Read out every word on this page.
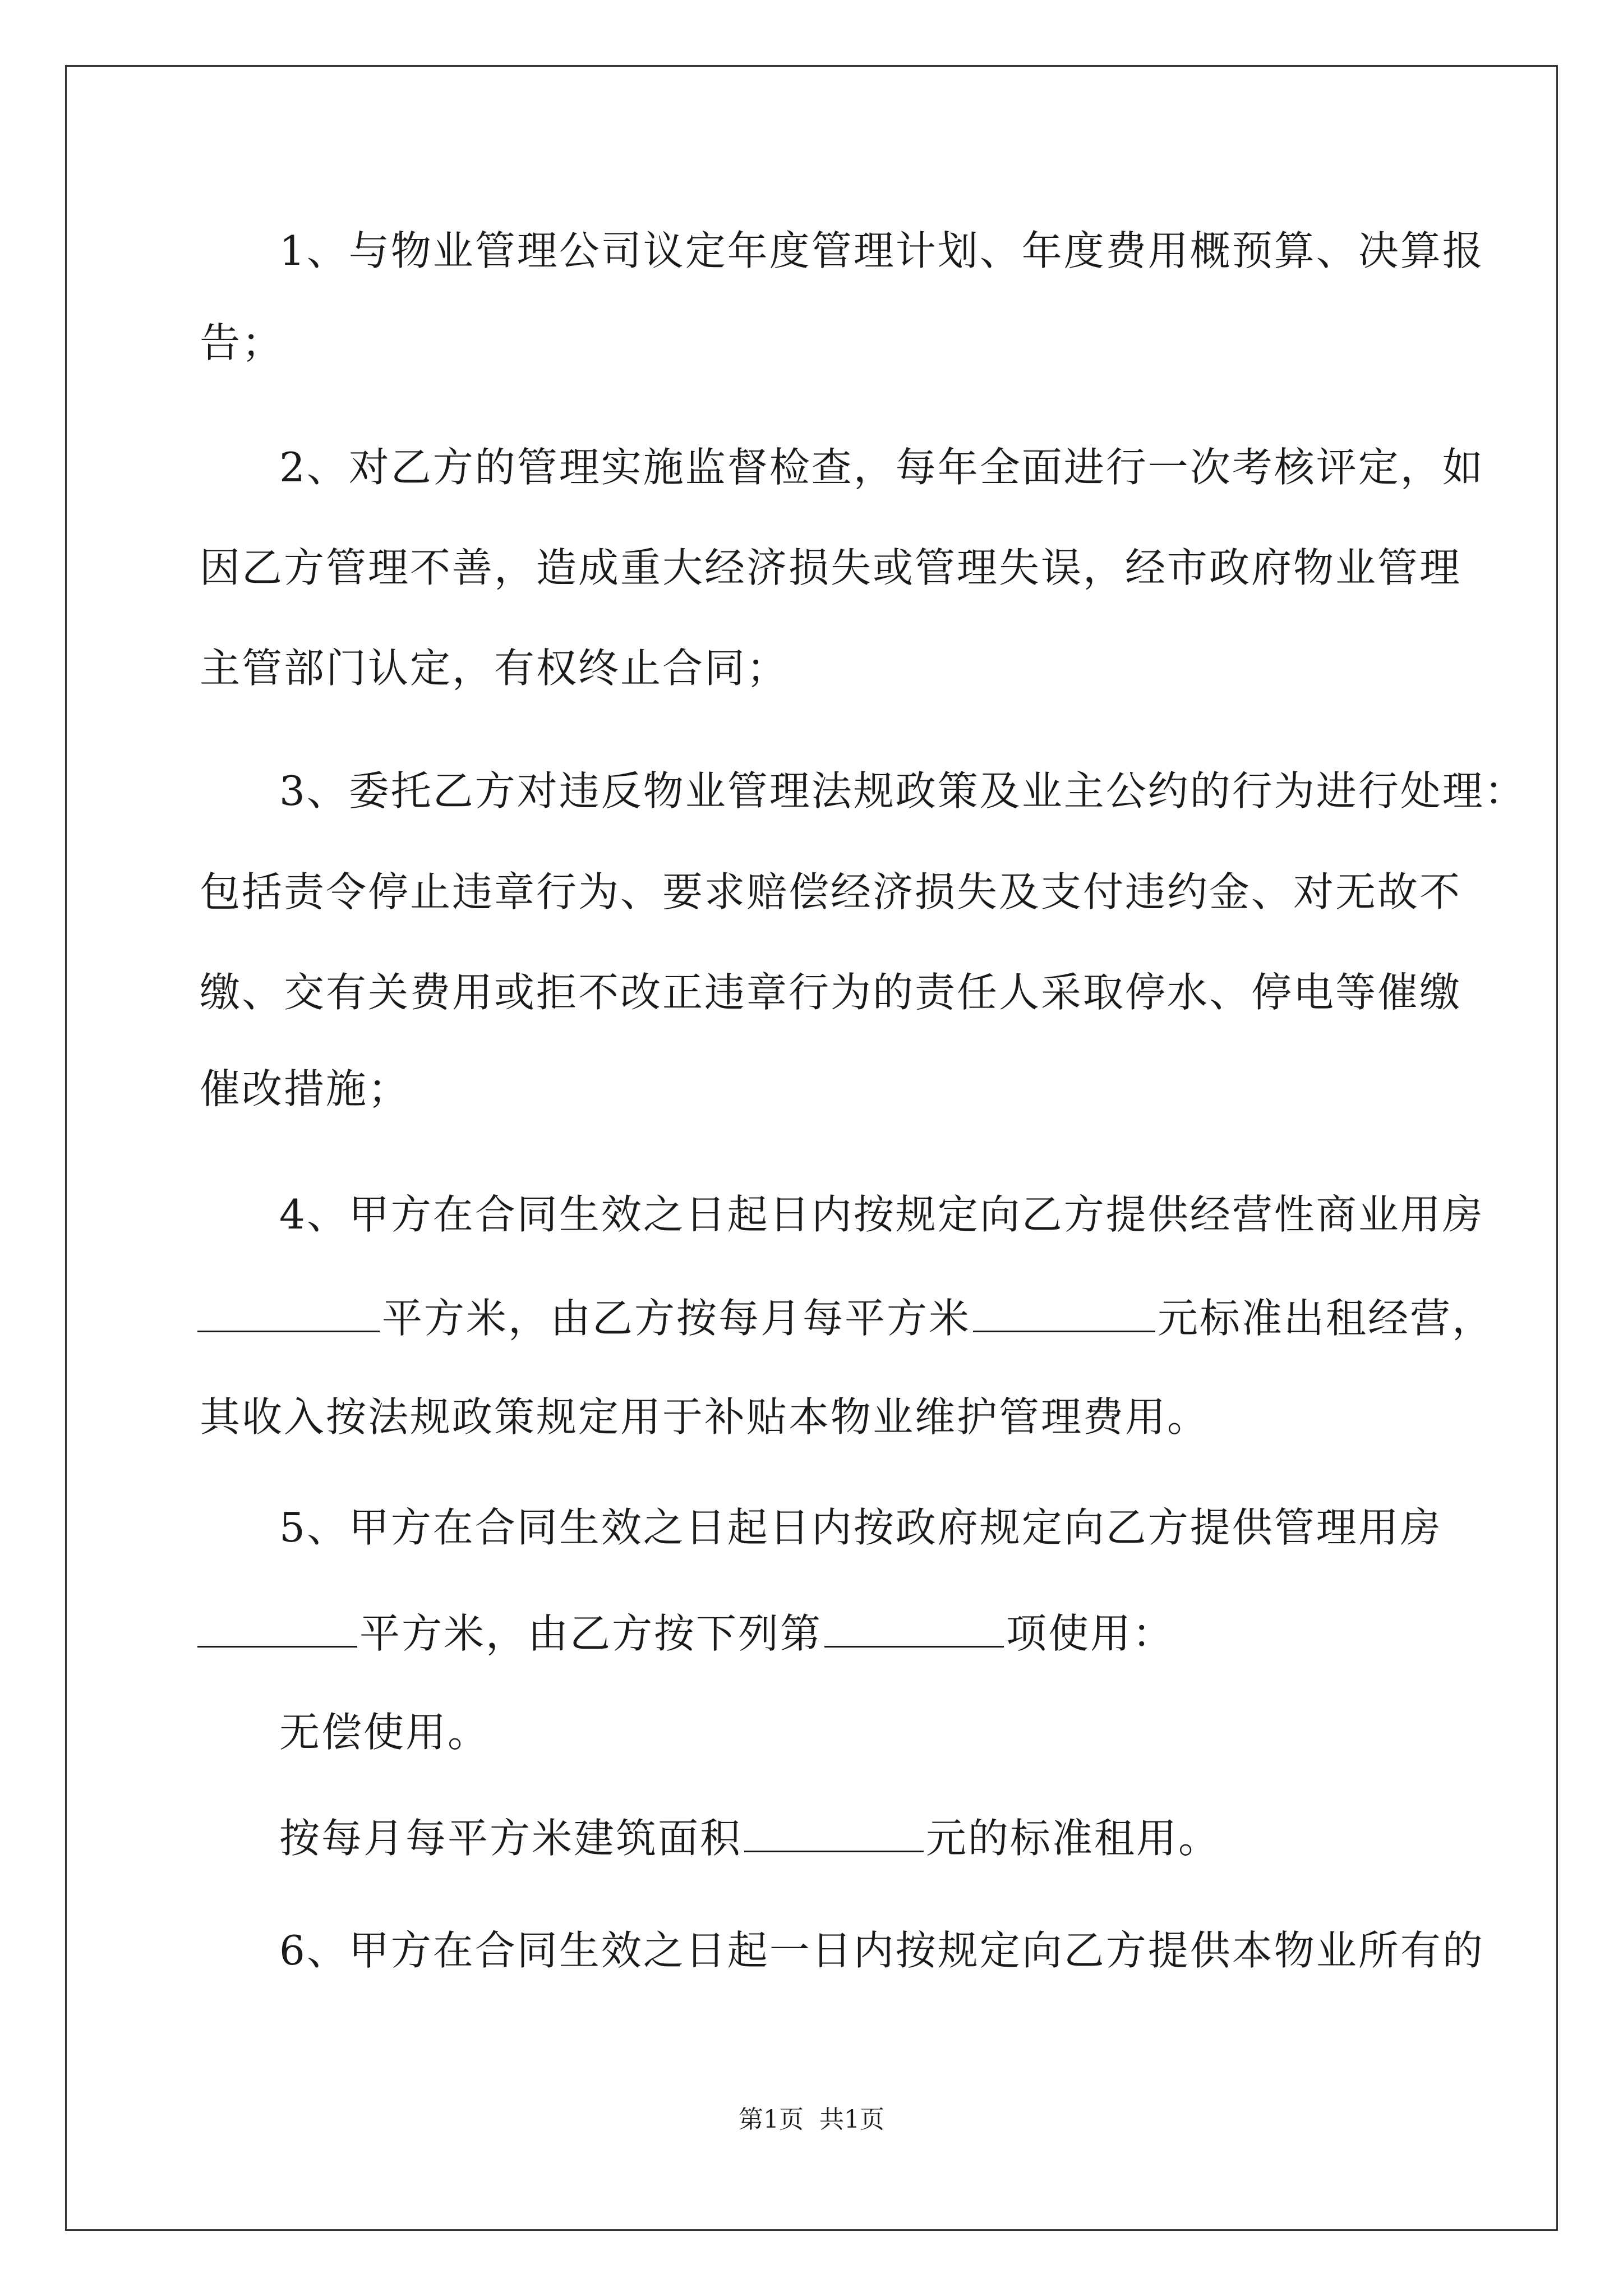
1、与物业管理公司议定年度管理计划、年度费用概预算、决算报
告；
2、对乙方的管理实施监督检查，每年全面进行一次考核评定，如
因乙方管理不善，造成重大经济损失或管理失误，经市政府物业管理
主管部门认定，有权终止合同；
3、委托乙方对违反物业管理法规政策及业主公约的行为进行处理：
包括责令停止违章行为、要求赔偿经济损失及支付违约金、对无故不
缴、交有关费用或拒不改正违章行为的责任人采取停水、停电等催缴
催改措施；
4、甲方在合同生效之日起日内按规定向乙方提供经营性商业用房
平方米，由乙方按每月每平方米	元标准出租经营，
其收入按法规政策规定用于补贴本物业维护管理费用。
5、甲方在合同生效之日起日内按政府规定向乙方提供管理用房
平方米，由乙方按下列第	项使用：
无偿使用。
按每月每平方米建筑面积	元的标准租用。
6、甲方在合同生效之日起一日内按规定向乙方提供本物业所有的
第1页 共1页
